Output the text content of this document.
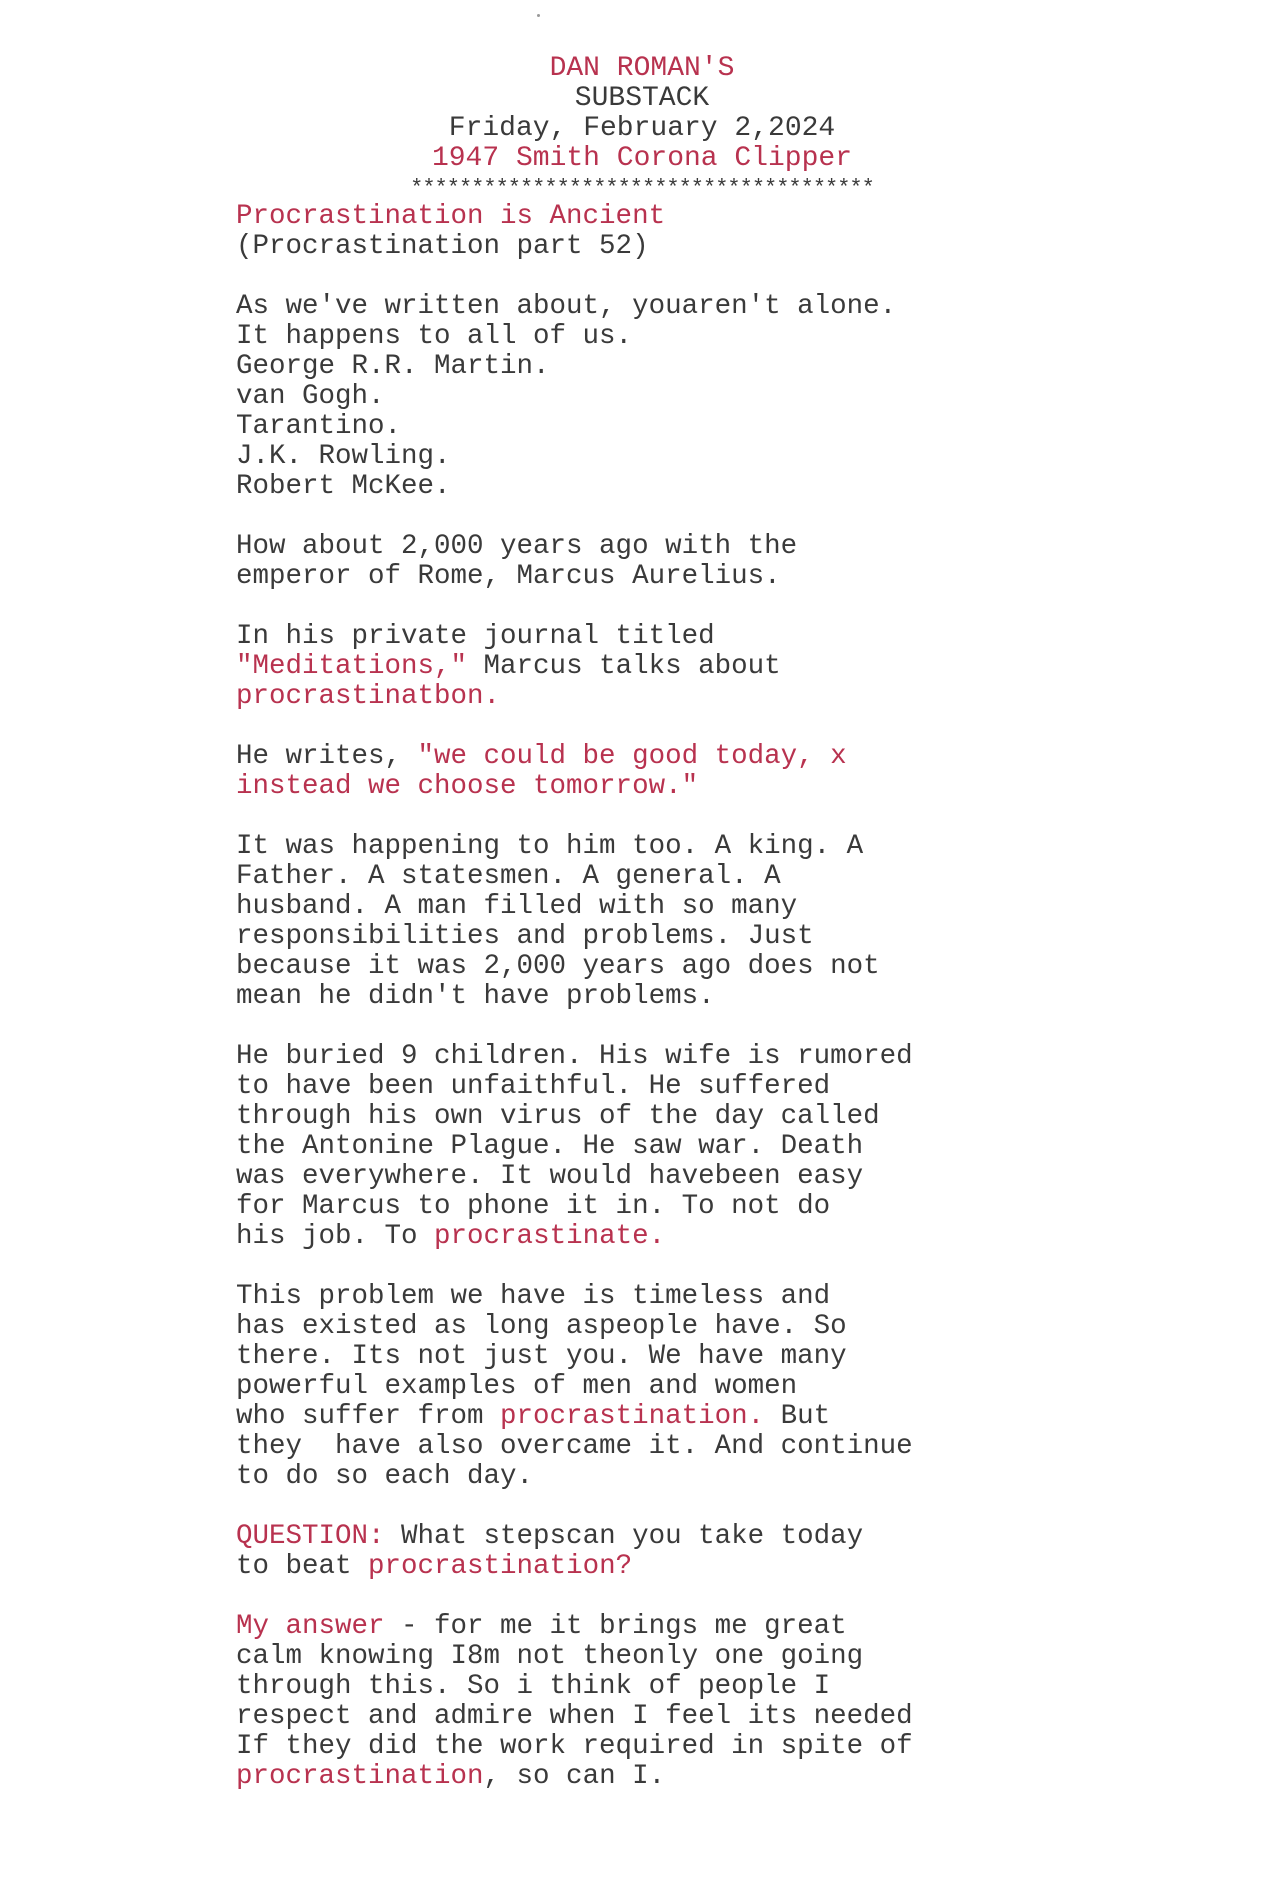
DAN ROMAN'S
SUBSTACK
Friday, February 2,2024
1947 Smith Corona Clipper
**************************************
Procrastination is Ancient
(Procrastination part 52)
As we've written about, youaren't alone.
It happens to all of us.
George R.R. Martin.
van Gogh.
Tarantino.
J.K. Rowling.
Robert McKee.
How about 2,000 years ago with the
emperor of Rome, Marcus Aurelius.
In his private journal titled
"Meditations," Marcus talks about
procrastinatbon.
He writes, "we could be good today, x
instead we choose tomorrow."
It was happening to him too. A king. A
Father. A statesmen. A general. A
husband. A man filled with so many
responsibilities and problems. Just
because it was 2,000 years ago does not
mean he didn't have problems.
He buried 9 children. His wife is rumored
to have been unfaithful. He suffered
through his own virus of the day called
the Antonine Plague. He saw war. Death
was everywhere. It would havebeen easy
for Marcus to phone it in. To not do
his job. To procrastinate.
This problem we have is timeless and
has existed as long aspeople have. So
there. Its not just you. We have many
powerful examples of men and women
who suffer from procrastination. But
they  have also overcame it. And continue
to do so each day.
QUESTION: What stepscan you take today
to beat procrastination?
My answer - for me it brings me great
calm knowing I8m not theonly one going
through this. So i think of people I
respect and admire when I feel its needed
If they did the work required in spite of
procrastination, so can I.
